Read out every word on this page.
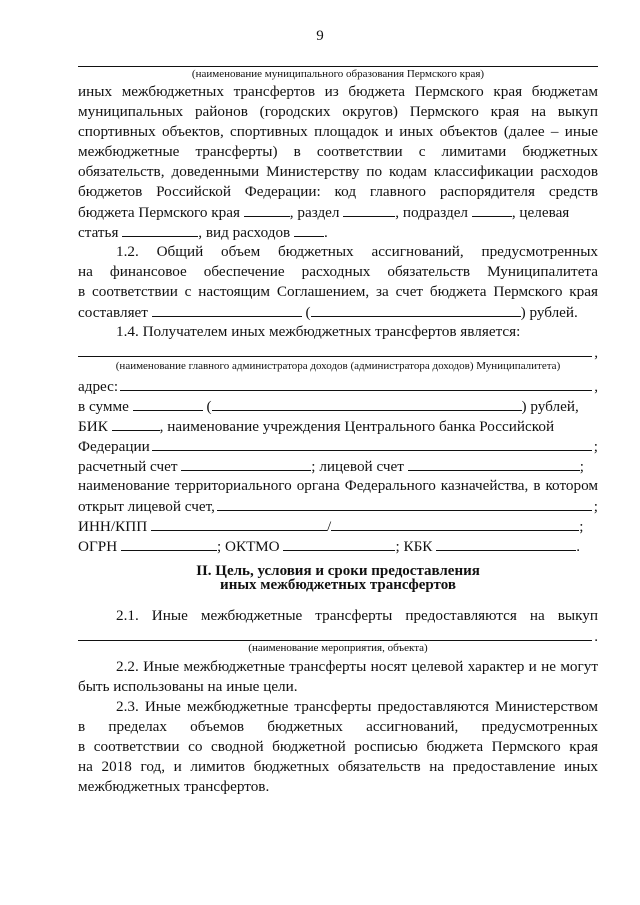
9
(наименование муниципального образования Пермского края)
иных межбюджетных трансфертов из бюджета Пермского края бюджетам
муниципальных районов (городских округов) Пермского края на выкуп
спортивных объектов, спортивных площадок и иных объектов (далее – иные
межбюджетные трансферты) в соответствии с лимитами бюджетных
обязательств, доведенными Министерству по кодам классификации расходов
бюджетов Российской Федерации: код главного распорядителя средств
бюджета Пермского края	, раздел	, подраздел	, целевая
статья	, вид расходов .
1.2. Общий объем бюджетных ассигнований, предусмотренных
на финансовое обеспечение расходных обязательств Муниципалитета
в соответствии с настоящим Соглашением, за счет бюджета Пермского края
составляет	(	) рублей.
1.4. Получателем иных межбюджетных трансфертов является:
,
(наименование главного администратора доходов (администратора доходов) Муниципалитета)
адрес:	,
в сумме	(	) рублей,
БИК	, наименование учреждения Центрального банка Российской
Федерации	;
расчетный счет	; лицевой счет	;
наименование территориального органа Федерального казначейства, в котором
открыт лицевой счет,	;
ИНН/КПП	/	;
ОГРН	; ОКТМО	; КБК	.
II. Цель, условия и сроки предоставления
иных межбюджетных трансфертов
2.1. Иные межбюджетные трансферты предоставляются на выкуп
.
(наименование мероприятия, объекта)
2.2. Иные межбюджетные трансферты носят целевой характер и не могут
быть использованы на иные цели.
2.3. Иные межбюджетные трансферты предоставляются Министерством
в пределах объемов бюджетных ассигнований, предусмотренных
в соответствии со сводной бюджетной росписью бюджета Пермского края
на 2018 год, и лимитов бюджетных обязательств на предоставление иных
межбюджетных трансфертов.
